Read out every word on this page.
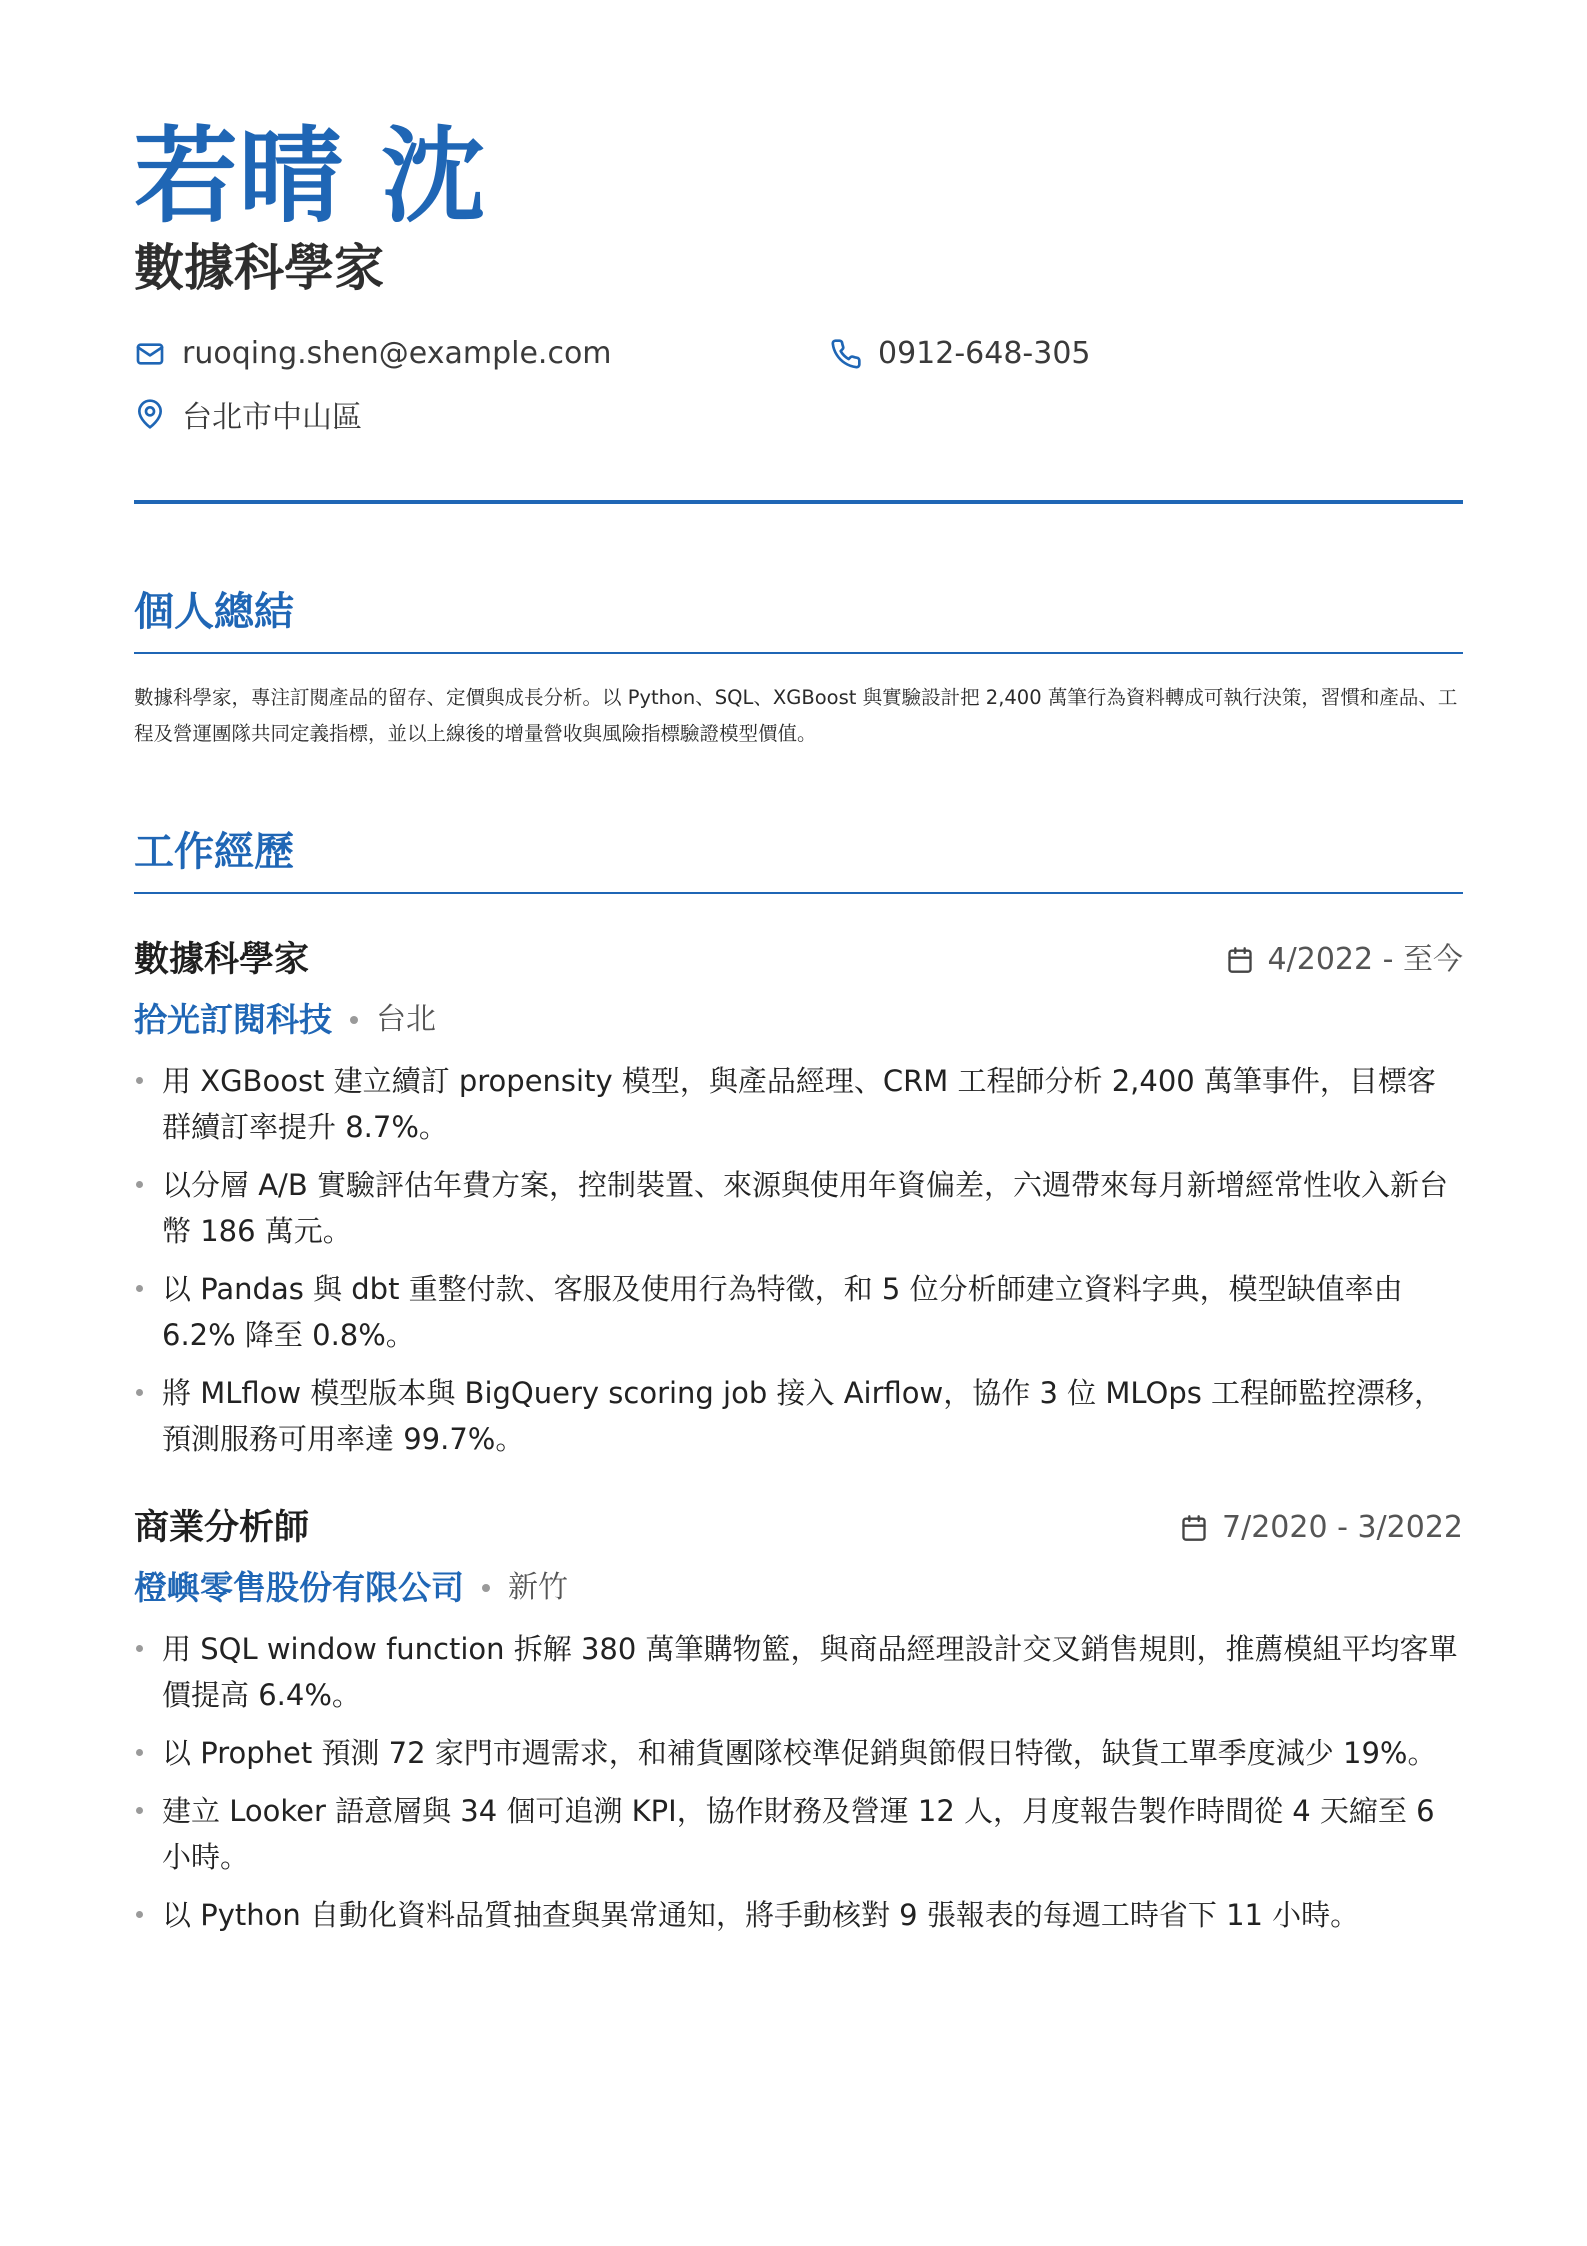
若晴 沈
數據科學家
ruoqing.shen@example.com	0912-648-305
台北市中山區
個人總結

數據科學家，專注訂閱產品的留存、定價與成長分析。以 Python、SQL、XGBoost 與實驗設計把 2,400 萬筆行為資料轉成可執行決策，習慣和產品、工程及營運團隊共同定義指標，並以上線後的增量營收與風險指標驗證模型價值。

工作經歷
數據科學家	4/2022 - 至今
拾光訂閱科技 台北
用 XGBoost 建立續訂 propensity 模型，與產品經理、CRM 工程師分析 2,400 萬筆事件，目標客群續訂率提升 8.7%。
以分層 A/B 實驗評估年費方案，控制裝置、來源與使用年資偏差，六週帶來每月新增經常性收入新台幣 186 萬元。
以 Pandas 與 dbt 重整付款、客服及使用行為特徵，和 5 位分析師建立資料字典，模型缺值率由 6.2% 降至 0.8%。
將 MLflow 模型版本與 BigQuery scoring job 接入 Airflow，協作 3 位 MLOps 工程師監控漂移，預測服務可用率達 99.7%。
商業分析師	7/2020 - 3/2022
橙嶼零售股份有限公司 新竹
用 SQL window function 拆解 380 萬筆購物籃，與商品經理設計交叉銷售規則，推薦模組平均客單價提高 6.4%。
以 Prophet 預測 72 家門市週需求，和補貨團隊校準促銷與節假日特徵，缺貨工單季度減少 19%。
建立 Looker 語意層與 34 個可追溯 KPI，協作財務及營運 12 人，月度報告製作時間從 4 天縮至 6 小時。
以 Python 自動化資料品質抽查與異常通知，將手動核對 9 張報表的每週工時省下 11 小時。
